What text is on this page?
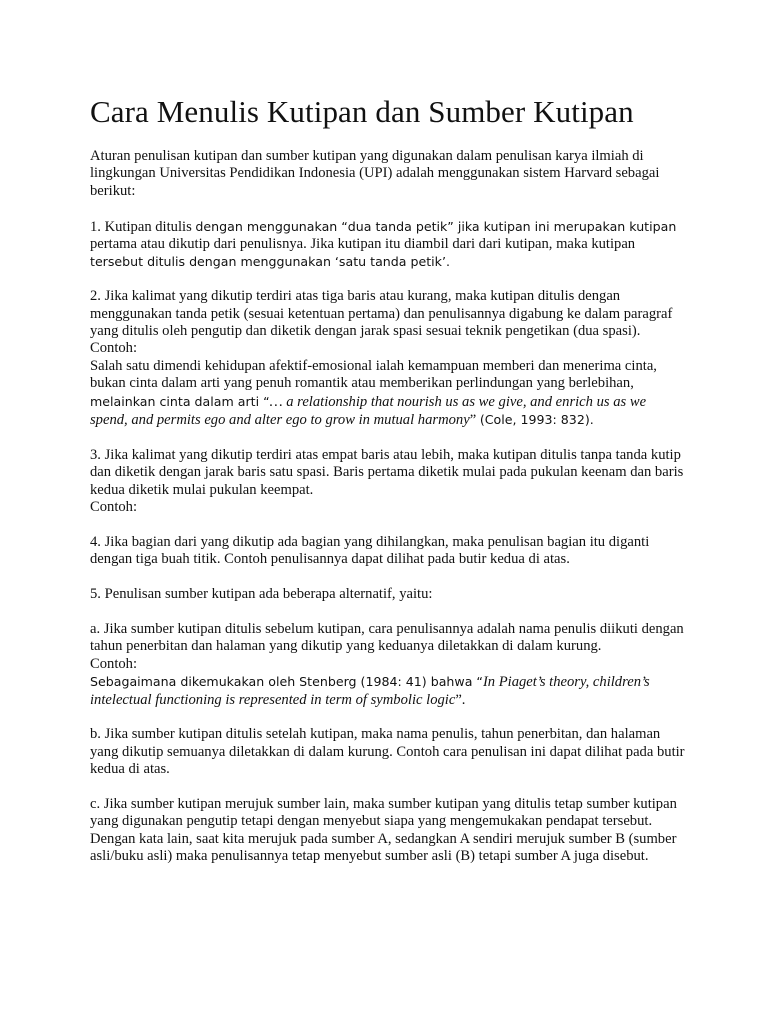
Cara Menulis Kutipan dan Sumber Kutipan

Aturan penulisan kutipan dan sumber kutipan yang digunakan dalam penulisan karya ilmiah di lingkungan Universitas Pendidikan Indonesia (UPI) adalah menggunakan sistem Harvard sebagai berikut:

1. Kutipan ditulis dengan menggunakan “dua tanda petik” jika kutipan ini merupakan kutipan
pertama atau dikutip dari penulisnya. Jika kutipan itu diambil dari dari kutipan, maka kutipan
tersebut ditulis dengan menggunakan ‘satu tanda petik’.

2. Jika kalimat yang dikutip terdiri atas tiga baris atau kurang, maka kutipan ditulis dengan menggunakan tanda petik (sesuai ketentuan pertama) dan penulisannya digabung ke dalam paragraf yang ditulis oleh pengutip dan diketik dengan jarak spasi sesuai teknik pengetikan (dua spasi).
Contoh:
Salah satu dimendi kehidupan afektif-emosional ialah kemampuan memberi dan menerima cinta,
bukan cinta dalam arti yang penuh romantik atau memberikan perlindungan yang berlebihan,
melainkan cinta dalam arti “… a relationship that nourish us as we give, and enrich us as we
spend, and permits ego and alter ego to grow in mutual harmony” (Cole, 1993: 832).

3. Jika kalimat yang dikutip terdiri atas empat baris atau lebih, maka kutipan ditulis tanpa tanda kutip dan diketik dengan jarak baris satu spasi. Baris pertama diketik mulai pada pukulan keenam dan baris kedua diketik mulai pukulan keempat.
Contoh:

4. Jika bagian dari yang dikutip ada bagian yang dihilangkan, maka penulisan bagian itu diganti dengan tiga buah titik. Contoh penulisannya dapat dilihat pada butir kedua di atas.

5. Penulisan sumber kutipan ada beberapa alternatif, yaitu:

a. Jika sumber kutipan ditulis sebelum kutipan, cara penulisannya adalah nama penulis diikuti dengan tahun penerbitan dan halaman yang dikutip yang keduanya diletakkan di dalam kurung.
Contoh:
Sebagaimana dikemukakan oleh Stenberg (1984: 41) bahwa “In Piaget’s theory, children’s
intelectual functioning is represented in term of symbolic logic”.

b. Jika sumber kutipan ditulis setelah kutipan, maka nama penulis, tahun penerbitan, dan halaman yang dikutip semuanya diletakkan di dalam kurung. Contoh cara penulisan ini dapat dilihat pada butir kedua di atas.

c. Jika sumber kutipan merujuk sumber lain, maka sumber kutipan yang ditulis tetap sumber kutipan yang digunakan pengutip tetapi dengan menyebut siapa yang mengemukakan pendapat tersebut. Dengan kata lain, saat kita merujuk pada sumber A, sedangkan A sendiri merujuk sumber B (sumber asli/buku asli) maka penulisannya tetap menyebut sumber asli (B) tetapi sumber A juga disebut.
